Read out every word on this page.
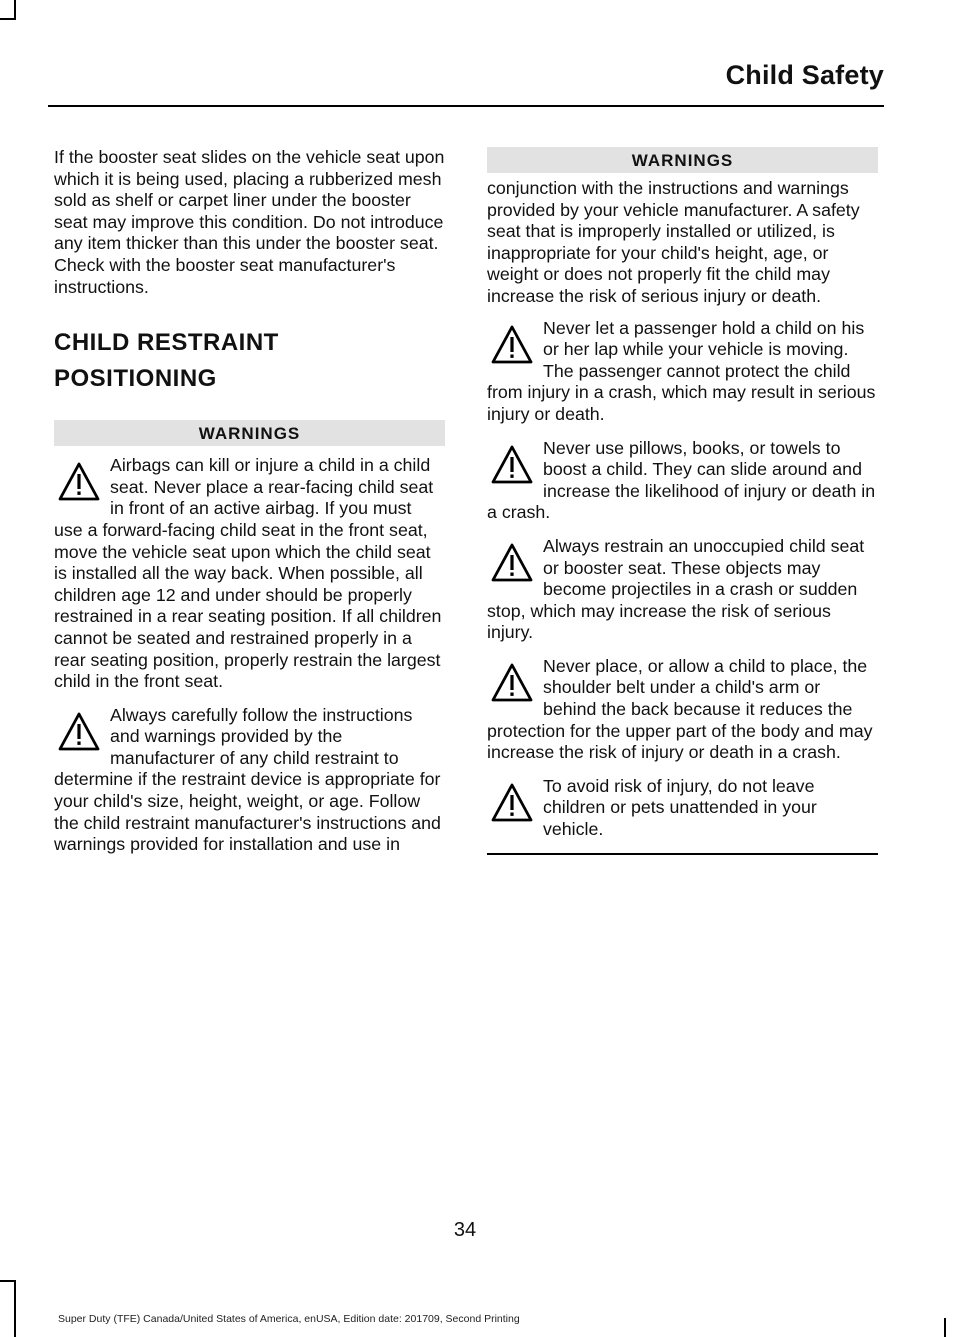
Child Safety

If the booster seat slides on the vehicle seat upon which it is being used, placing a rubberized mesh sold as shelf or carpet liner under the booster seat may improve this condition. Do not introduce any item thicker than this under the booster seat. Check with the booster seat manufacturer's instructions.

CHILD RESTRAINT
POSITIONING
WARNINGS
Airbags can kill or injure a child in a child seat. Never place a rear-facing child seat in front of an active airbag. If you must use a forward-facing child seat in the front seat, move the vehicle seat upon which the child seat is installed all the way back. When possible, all children age 12 and under should be properly restrained in a rear seating position. If all children cannot be seated and restrained properly in a rear seating position, properly restrain the largest child in the front seat.
Always carefully follow the instructions and warnings provided by the manufacturer of any child restraint to determine if the restraint device is appropriate for your child's size, height, weight, or age. Follow the child restraint manufacturer's instructions and warnings provided for installation and use in
WARNINGS

conjunction with the instructions and warnings provided by your vehicle manufacturer. A safety seat that is improperly installed or utilized, is inappropriate for your child's height, age, or weight or does not properly fit the child may increase the risk of serious injury or death.

Never let a passenger hold a child on his or her lap while your vehicle is moving. The passenger cannot protect the child from injury in a crash, which may result in serious injury or death.
Never use pillows, books, or towels to boost a child. They can slide around and increase the likelihood of injury or death in a crash.
Always restrain an unoccupied child seat or booster seat. These objects may become projectiles in a crash or sudden stop, which may increase the risk of serious injury.
Never place, or allow a child to place, the shoulder belt under a child's arm or behind the back because it reduces the protection for the upper part of the body and may increase the risk of injury or death in a crash.
To avoid risk of injury, do not leave children or pets unattended in your vehicle.
34
Super Duty (TFE) Canada/United States of America, enUSA, Edition date: 201709, Second Printing
